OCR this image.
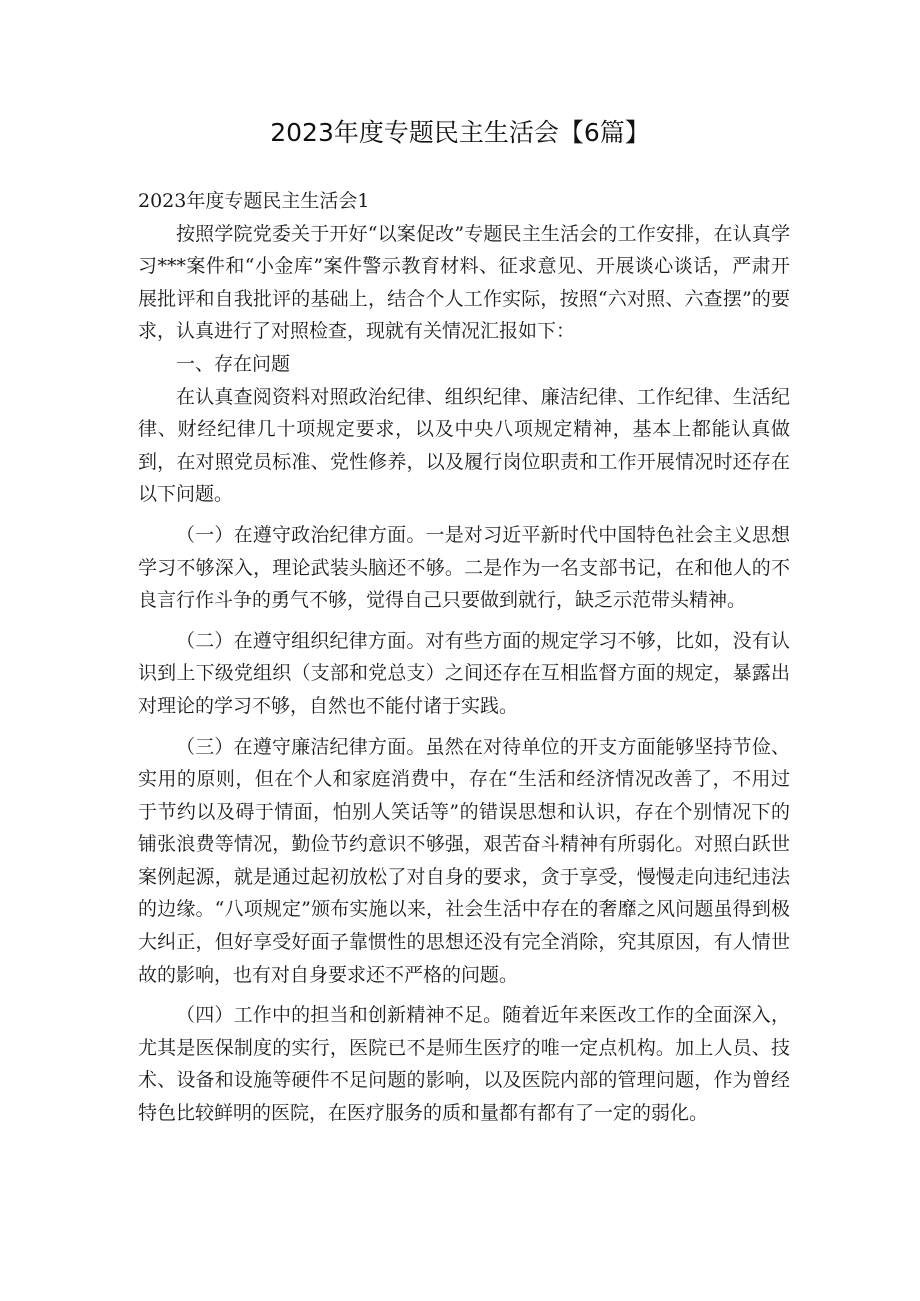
2023年度专题民主生活会【6篇】

2023年度专题民主生活会1

按照学院党委关于开好“以案促改”专题民主生活会的工作安排，在认真学习***案件和“小金库”案件警示教育材料、征求意见、开展谈心谈话，严肃开展批评和自我批评的基础上，结合个人工作实际，按照“六对照、六查摆”的要求，认真进行了对照检查，现就有关情况汇报如下：

一、存在问题

在认真查阅资料对照政治纪律、组织纪律、廉洁纪律、工作纪律、生活纪律、财经纪律几十项规定要求，以及中央八项规定精神，基本上都能认真做到，在对照党员标准、党性修养，以及履行岗位职责和工作开展情况时还存在以下问题。

（一）在遵守政治纪律方面。一是对习近平新时代中国特色社会主义思想学习不够深入，理论武装头脑还不够。二是作为一名支部书记，在和他人的不良言行作斗争的勇气不够，觉得自己只要做到就行，缺乏示范带头精神。

（二）在遵守组织纪律方面。对有些方面的规定学习不够，比如，没有认识到上下级党组织（支部和党总支）之间还存在互相监督方面的规定，暴露出对理论的学习不够，自然也不能付诸于实践。

（三）在遵守廉洁纪律方面。虽然在对待单位的开支方面能够坚持节俭、实用的原则，但在个人和家庭消费中，存在“生活和经济情况改善了，不用过于节约以及碍于情面，怕别人笑话等”的错误思想和认识，存在个别情况下的铺张浪费等情况，勤俭节约意识不够强，艰苦奋斗精神有所弱化。对照白跃世案例起源，就是通过起初放松了对自身的要求，贪于享受，慢慢走向违纪违法的边缘。“八项规定”颁布实施以来，社会生活中存在的奢靡之风问题虽得到极大纠正，但好享受好面子靠惯性的思想还没有完全消除，究其原因，有人情世故的影响，也有对自身要求还不严格的问题。

（四）工作中的担当和创新精神不足。随着近年来医改工作的全面深入，尤其是医保制度的实行，医院已不是师生医疗的唯一定点机构。加上人员、技术、设备和设施等硬件不足问题的影响，以及医院内部的管理问题，作为曾经特色比较鲜明的医院，在医疗服务的质和量都有都有了一定的弱化。
